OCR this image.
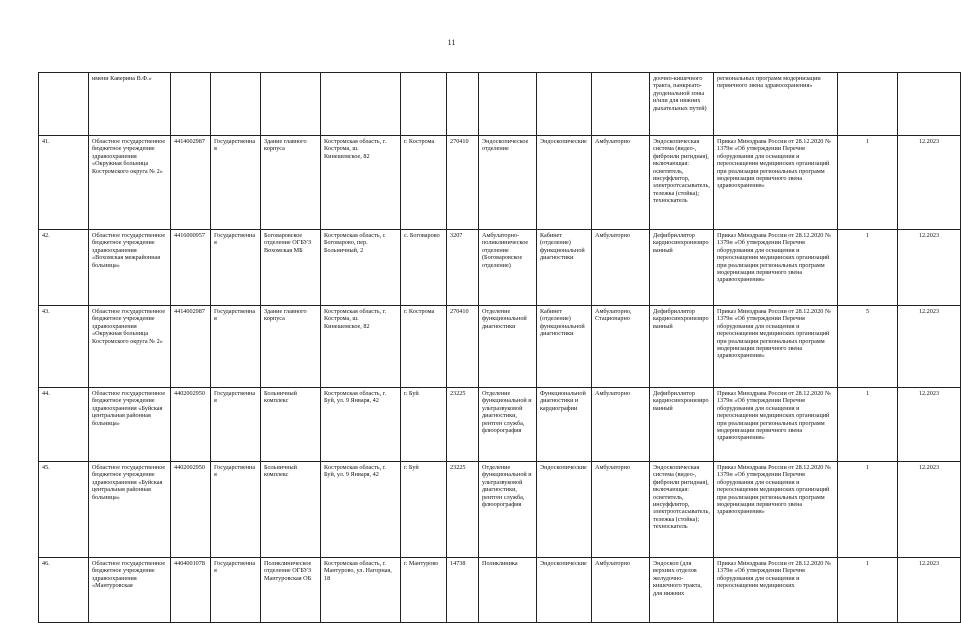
11
	имени Каверина В.Ф.»										доочно-кишечного тракта, панкреато-дуоденальной зоны и/или для нижних дыхательных путей)	региональных программ модернизации первичного звена здравоохранения»		
41.	Областное государственное бюджетное учреждение здравоохранения «Окружная больница Костромского округа № 2»	4414002987	Государственная	Здание главного корпуса	Костромская область, г. Кострома, ш. Кинешемское, 82	г. Кострома	270410	Эндоскопическое отделение	Эндоскопические	Амбулаторно	Эндоскопическая система (видео-, фиброили ригидная), включающая: осветитель, инсуффлятор, электроотсасыватель, тележка (стойка); техноскатель	Приказ Минздрава России от 28.12.2020 № 1379н «Об утверждении Перечня оборудования для оснащения и переоснащения медицинских организаций при реализации региональных программ модернизации первичного звена здравоохранения»	1	12.2023
42.	Областное государственное бюджетное учреждение здравоохранения «Вохомская межрайонная больница»	4416000957	Государственная	Боговаровское отделение ОГБУЗ Вохомская МБ	Костромская область, с Боговарово, пер. Больничный, 2	с. Боговарово	3207	Амбулаторно-поликлиническое отделение (Боговаровское отделение)	Кабинет (отделение) функциональной диагностики	Амбулаторно	Дефибриллятор кардиосинхронизированный	Приказ Минздрава России от 28.12.2020 № 1379н «Об утверждении Перечня оборудования для оснащения и переоснащения медицинских организаций при реализации региональных программ модернизации первичного звена здравоохранения»	1	12.2023
43.	Областное государственное бюджетное учреждение здравоохранения «Окружная больница Костромского округа № 2»	4414002987	Государственная	Здание главного корпуса	Костромская область, г. Кострома, ш. Кинешемское, 82	г. Кострома	270410	Отделение функциональной диагностики	Кабинет (отделение) функциональной диагностики	Амбулаторно, Стационарно	Дефибриллятор кардиосинхронизированный	Приказ Минздрава России от 28.12.2020 № 1379н «Об утверждении Перечня оборудования для оснащения и переоснащения медицинских организаций при реализации региональных программ модернизации первичного звена здравоохранения»	5	12.2023
44.	Областное государственное бюджетное учреждение здравоохранения «Буйская центральная районная больница»	4402002950	Государственная	Больничный комплекс	Костромская область, г. Буй, ул. 9 Января, 42	г. Буй	23225	Отделение функциональной и ультразвуковой диагностики, рентген служба, флюорография	Функциональной диагностики и кардиографии	Амбулаторно	Дефибриллятор кардиосинхронизированный	Приказ Минздрава России от 28.12.2020 № 1379н «Об утверждении Перечня оборудования для оснащения и переоснащения медицинских организаций при реализации региональных программ модернизации первичного звена здравоохранения»	1	12.2023
45.	Областное государственное бюджетное учреждение здравоохранения «Буйская центральная районная больница»	4402002950	Государственная	Больничный комплекс	Костромская область, г. Буй, ул. 9 Января, 42	г. Буй	23225	Отделение функциональной и ультразвуковой диагностики, рентген служба, флюорография	Эндоскопические	Амбулаторно	Эндоскопическая система (видео-, фиброили ригидная), включающая: осветитель, инсуффлятор, электроотсасыватель, тележка (стойка); техноскатель	Приказ Минздрава России от 28.12.2020 № 1379н «Об утверждении Перечня оборудования для оснащения и переоснащения медицинских организаций при реализации региональных программ модернизации первичного звена здравоохранения»	1	12.2023
46.	Областное государственное бюджетное учреждение здравоохранения «Мантуровская	4404001078	Государственная	Поликлиническое отделение ОГБУЗ Мантуровская ОБ	Костромская область, г. Мантурово, ул. Нагорная, 18	г. Мантурово	14738	Поликлиника	Эндоскопические	Амбулаторно	Эндоскоп (для верхних отделов желудочно-кишечного тракта, для нижних	Приказ Минздрава России от 28.12.2020 № 1379н «Об утверждении Перечня оборудования для оснащения и переоснащения медицинских	1	12.2023
